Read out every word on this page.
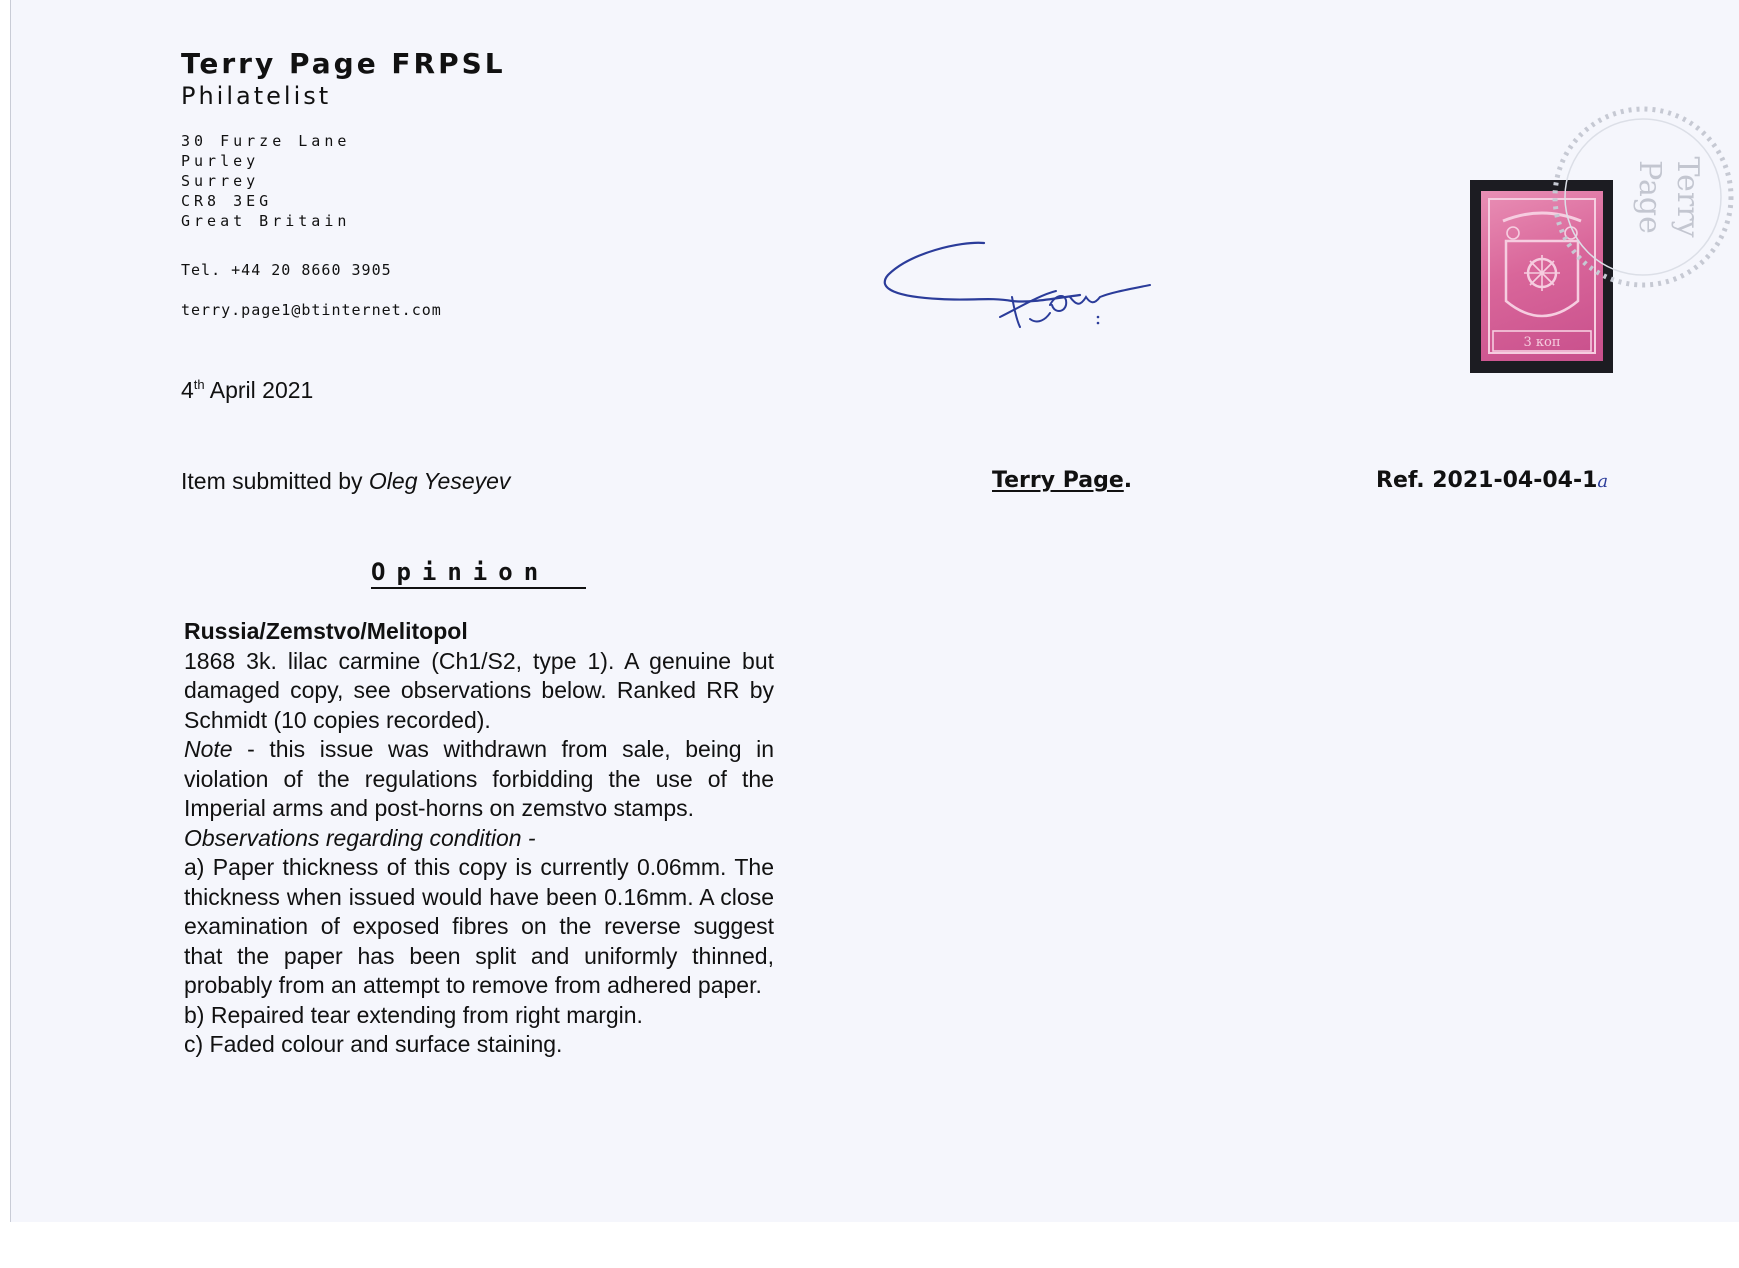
Terry Page FRPSL
Philatelist
30 Furze Lane
Purley
Surrey
CR8 3EG
Great Britain
Tel. +44 20 8660 3905
terry.page1@btinternet.com
4th April 2021
Item submitted by Oleg Yeseyev	Terry Page.	Ref. 2021-04-04-1a
3 коп
Terry
Page
Opinion
Russia/Zemstvo/Melitopol
1868 3k. lilac carmine (Ch1/S2, type 1). A genuine but damaged copy, see observations below. Ranked RR by Schmidt (10 copies recorded).
Note - this issue was withdrawn from sale, being in violation of the regulations forbidding the use of the Imperial arms and post-horns on zemstvo stamps.
Observations regarding condition -
a) Paper thickness of this copy is currently 0.06mm. The thickness when issued would have been 0.16mm. A close examination of exposed fibres on the reverse suggest that the paper has been split and uniformly thinned, probably from an attempt to remove from adhered paper.
b) Repaired tear extending from right margin.
c) Faded colour and surface staining.
